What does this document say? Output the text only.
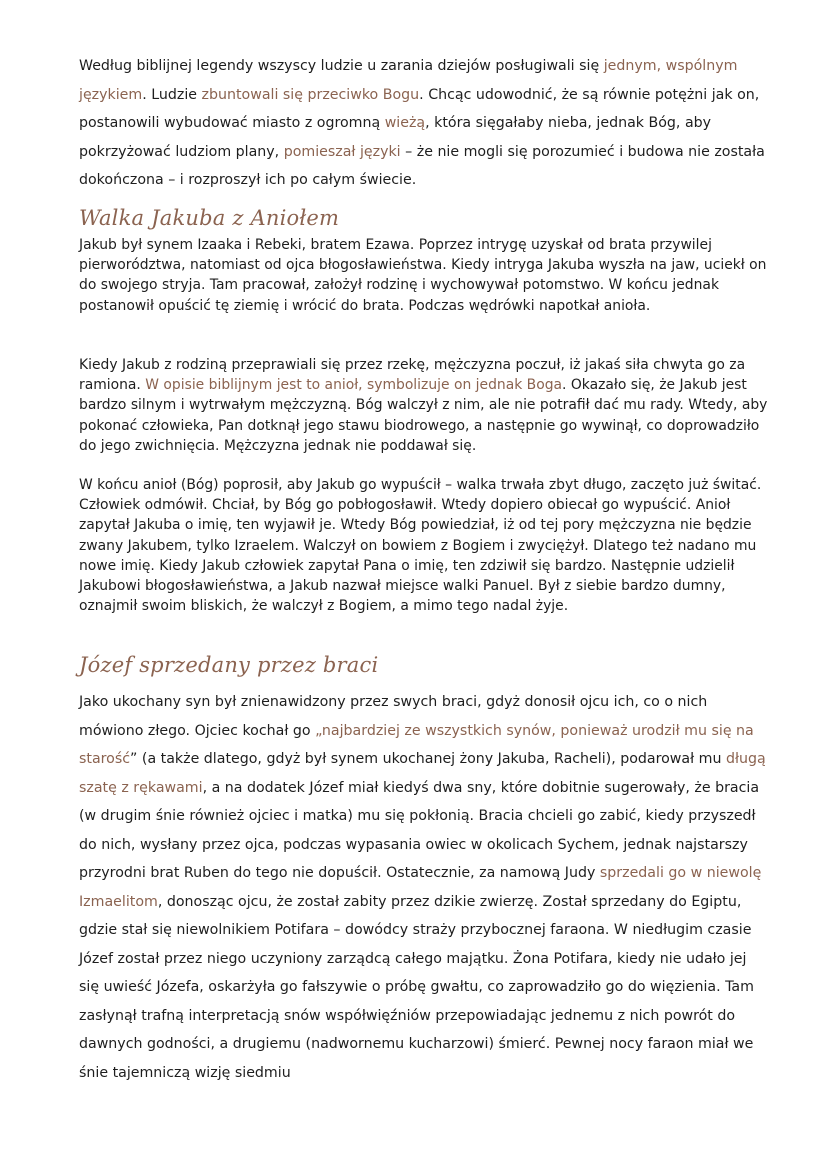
Według biblijnej legendy wszyscy ludzie u zarania dziejów posługiwali się jednym, wspólnym językiem. Ludzie zbuntowali się przeciwko Bogu. Chcąc udowodnić, że są równie potężni jak on, postanowili wybudować miasto z ogromną wieżą, która sięgałaby nieba, jednak Bóg, aby pokrzyżować ludziom plany, pomieszał języki – że nie mogli się porozumieć i budowa nie została dokończona – i rozproszył ich po całym świecie.

Walka Jakuba z Aniołem

Jakub był synem Izaaka i Rebeki, bratem Ezawa. Poprzez intrygę uzyskał od brata przywilej pierworództwa, natomiast od ojca błogosławieństwa. Kiedy intryga Jakuba wyszła na jaw, uciekł on do swojego stryja. Tam pracował, założył rodzinę i wychowywał potomstwo. W końcu jednak postanowił opuścić tę ziemię i wrócić do brata. Podczas wędrówki napotkał anioła.

Kiedy Jakub z rodziną przeprawiali się przez rzekę, mężczyzna poczuł, iż jakaś siła chwyta go za ramiona. W opisie biblijnym jest to anioł, symbolizuje on jednak Boga. Okazało się, że Jakub jest bardzo silnym i wytrwałym mężczyzną. Bóg walczył z nim, ale nie potrafił dać mu rady. Wtedy, aby pokonać człowieka, Pan dotknął jego stawu biodrowego, a następnie go wywinął, co doprowadziło do jego zwichnięcia. Mężczyzna jednak nie poddawał się.

W końcu anioł (Bóg) poprosił, aby Jakub go wypuścił – walka trwała zbyt długo, zaczęto już świtać. Człowiek odmówił. Chciał, by Bóg go pobłogosławił. Wtedy dopiero obiecał go wypuścić. Anioł zapytał Jakuba o imię, ten wyjawił je. Wtedy Bóg powiedział, iż od tej pory mężczyzna nie będzie zwany Jakubem, tylko Izraelem. Walczył on bowiem z Bogiem i zwyciężył. Dlatego też nadano mu nowe imię. Kiedy Jakub człowiek zapytał Pana o imię, ten zdziwił się bardzo. Następnie udzielił Jakubowi błogosławieństwa, a Jakub nazwał miejsce walki Panuel. Był z siebie bardzo dumny, oznajmił swoim bliskich, że walczył z Bogiem, a mimo tego nadal żyje.

Józef sprzedany przez braci

Jako ukochany syn był znienawidzony przez swych braci, gdyż donosił ojcu ich, co o nich mówiono złego. Ojciec kochał go „najbardziej ze wszystkich synów, ponieważ urodził mu się na starość” (a także dlatego, gdyż był synem ukochanej żony Jakuba, Racheli), podarował mu długą szatę z rękawami, a na dodatek Józef miał kiedyś dwa sny, które dobitnie sugerowały, że bracia (w drugim śnie również ojciec i matka) mu się pokłonią. Bracia chcieli go zabić, kiedy przyszedł do nich, wysłany przez ojca, podczas wypasania owiec w okolicach Sychem, jednak najstarszy przyrodni brat Ruben do tego nie dopuścił. Ostatecznie, za namową Judy sprzedali go w niewolę Izmaelitom, donosząc ojcu, że został zabity przez dzikie zwierzę. Został sprzedany do Egiptu, gdzie stał się niewolnikiem Potifara – dowódcy straży przybocznej faraona. W niedługim czasie Józef został przez niego uczyniony zarządcą całego majątku. Żona Potifara, kiedy nie udało jej się uwieść Józefa, oskarżyła go fałszywie o próbę gwałtu, co zaprowadziło go do więzienia. Tam zasłynął trafną interpretacją snów współwięźniów przepowiadając jednemu z nich powrót do dawnych godności, a drugiemu (nadwornemu kucharzowi) śmierć. Pewnej nocy faraon miał we śnie tajemniczą wizję siedmiu
